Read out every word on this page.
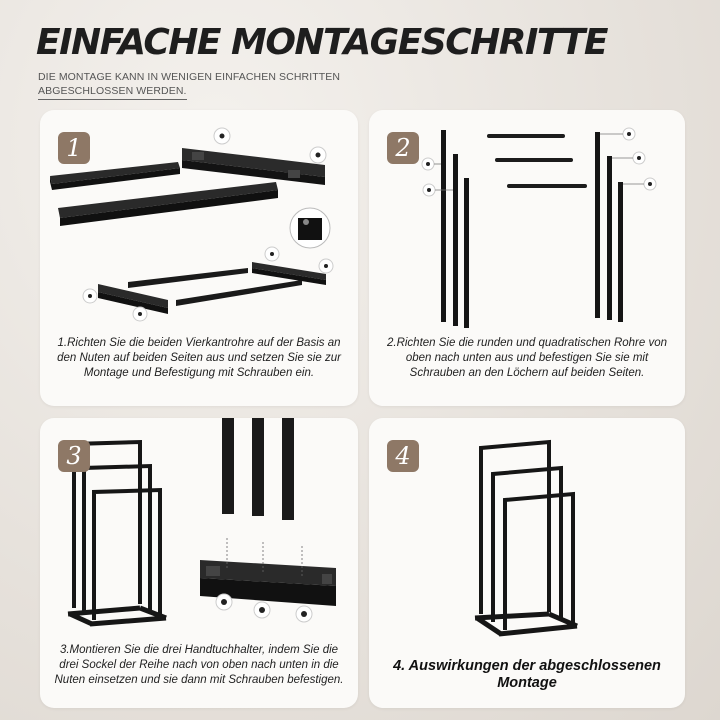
EINFACHE MONTAGESCHRITTE
DIE MONTAGE KANN IN WENIGEN EINFACHEN SCHRITTEN
ABGESCHLOSSEN WERDEN.
1
1.Richten Sie die beiden Vierkantrohre auf der Basis an den Nuten auf beiden Seiten aus und setzen Sie sie zur Montage und Befestigung mit Schrauben ein.
2
2.Richten Sie die runden und quadratischen Rohre von oben nach unten aus und befestigen Sie sie mit Schrauben an den Löchern auf beiden Seiten.
3
3.Montieren Sie die drei Handtuchhalter, indem Sie die drei Sockel der Reihe nach von oben nach unten in die Nuten einsetzen und sie dann mit Schrauben befestigen.
4
4. Auswirkungen der abgeschlossenen Montage
